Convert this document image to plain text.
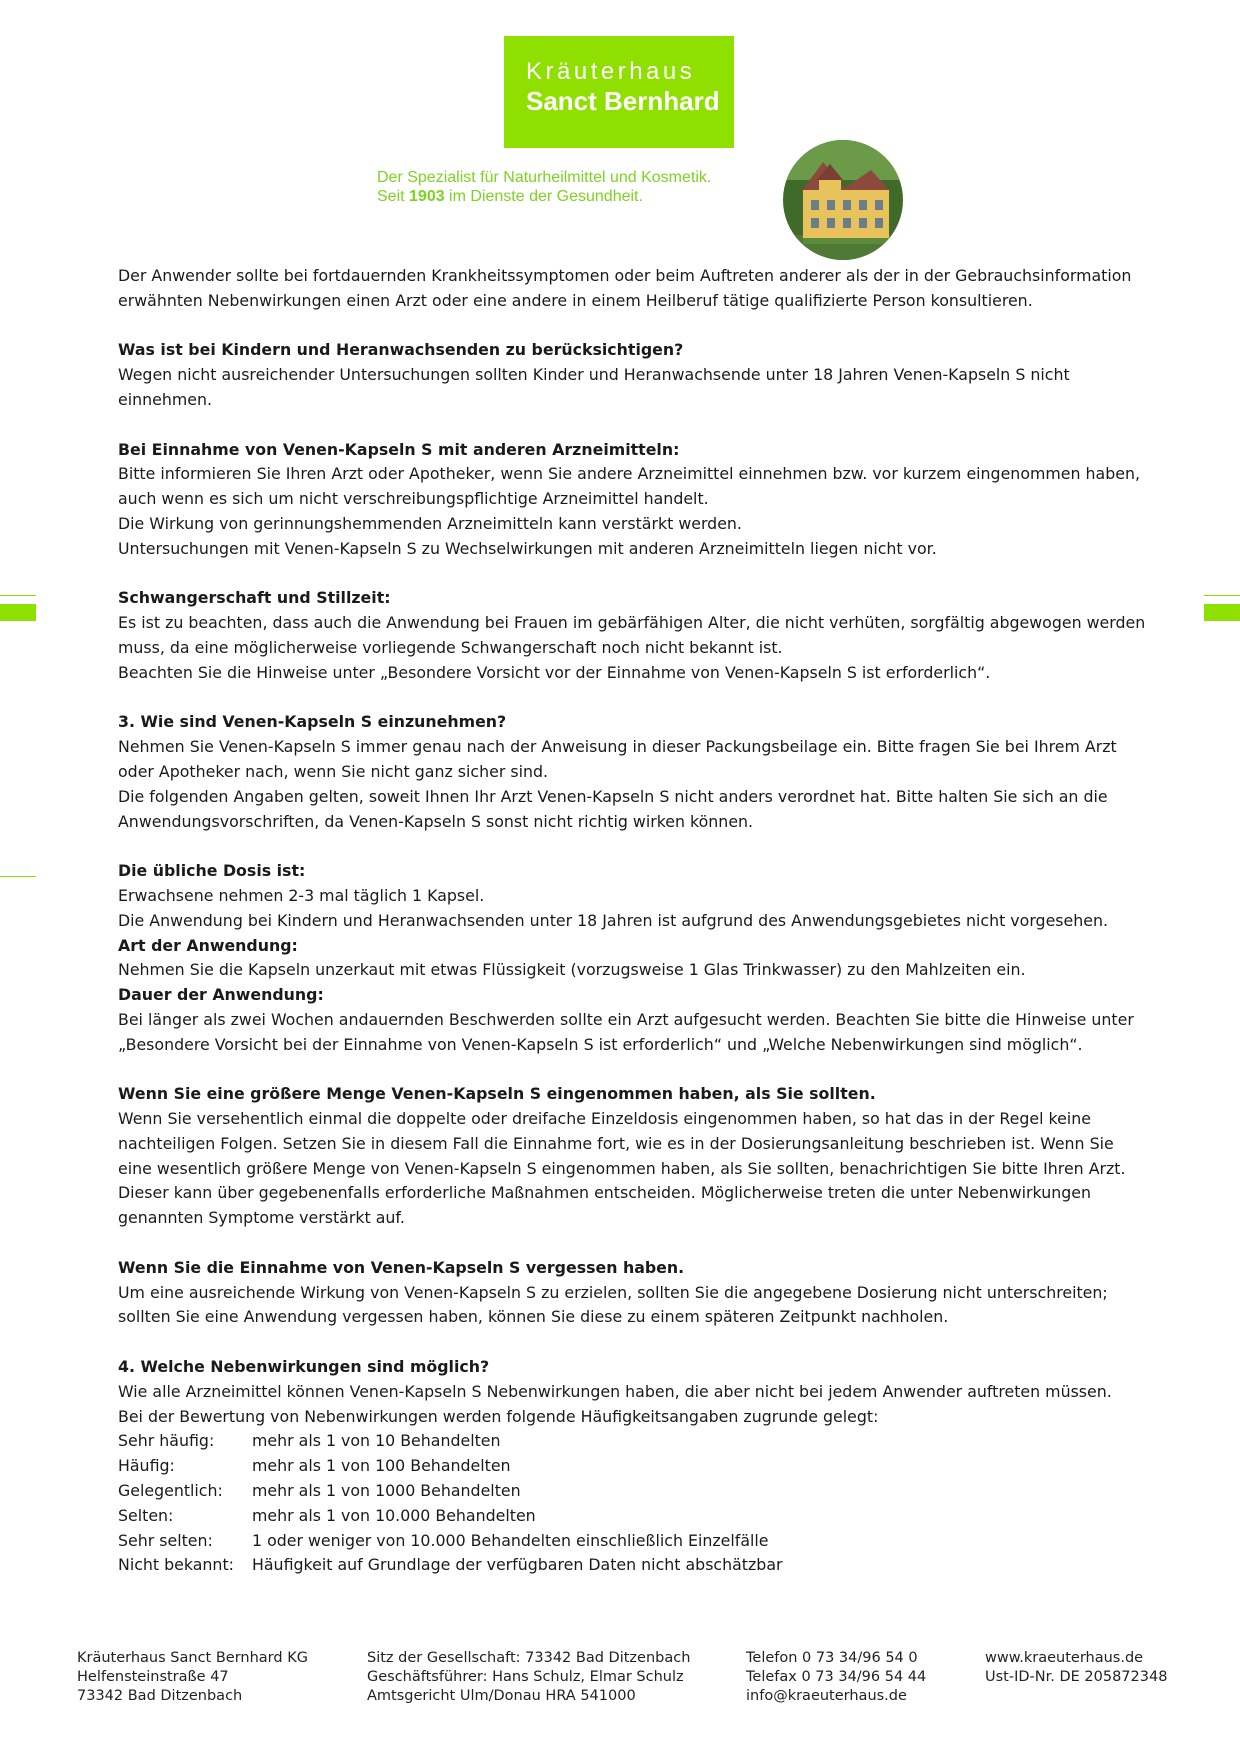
Kräuterhaus
Sanct Bernhard
Der Spezialist für Naturheilmittel und Kosmetik.
Seit 1903 im Dienste der Gesundheit.

Der Anwender sollte bei fortdauernden Krankheitssymptomen oder beim Auftreten anderer als der in der Gebrauchsinformation
erwähnten Nebenwirkungen einen Arzt oder eine andere in einem Heilberuf tätige qualifizierte Person konsultieren.

Was ist bei Kindern und Heranwachsenden zu berücksichtigen?
Wegen nicht ausreichender Untersuchungen sollten Kinder und Heranwachsende unter 18 Jahren Venen-Kapseln S nicht
einnehmen.

Bei Einnahme von Venen-Kapseln S mit anderen Arzneimitteln:
Bitte informieren Sie Ihren Arzt oder Apotheker, wenn Sie andere Arzneimittel einnehmen bzw. vor kurzem eingenommen haben,
auch wenn es sich um nicht verschreibungspflichtige Arzneimittel handelt.
Die Wirkung von gerinnungshemmenden Arzneimitteln kann verstärkt werden.
Untersuchungen mit Venen-Kapseln S zu Wechselwirkungen mit anderen Arzneimitteln liegen nicht vor.

Schwangerschaft und Stillzeit:
Es ist zu beachten, dass auch die Anwendung bei Frauen im gebärfähigen Alter, die nicht verhüten, sorgfältig abgewogen werden
muss, da eine möglicherweise vorliegende Schwangerschaft noch nicht bekannt ist.
Beachten Sie die Hinweise unter „Besondere Vorsicht vor der Einnahme von Venen-Kapseln S ist erforderlich“.

3. Wie sind Venen-Kapseln S einzunehmen?
Nehmen Sie Venen-Kapseln S immer genau nach der Anweisung in dieser Packungsbeilage ein. Bitte fragen Sie bei Ihrem Arzt
oder Apotheker nach, wenn Sie nicht ganz sicher sind.
Die folgenden Angaben gelten, soweit Ihnen Ihr Arzt Venen-Kapseln S nicht anders verordnet hat. Bitte halten Sie sich an die
Anwendungsvorschriften, da Venen-Kapseln S sonst nicht richtig wirken können.

Die übliche Dosis ist:
Erwachsene nehmen 2-3 mal täglich 1 Kapsel.
Die Anwendung bei Kindern und Heranwachsenden unter 18 Jahren ist aufgrund des Anwendungsgebietes nicht vorgesehen.
Art der Anwendung:
Nehmen Sie die Kapseln unzerkaut mit etwas Flüssigkeit (vorzugsweise 1 Glas Trinkwasser) zu den Mahlzeiten ein.
Dauer der Anwendung:
Bei länger als zwei Wochen andauernden Beschwerden sollte ein Arzt aufgesucht werden. Beachten Sie bitte die Hinweise unter
„Besondere Vorsicht bei der Einnahme von Venen-Kapseln S ist erforderlich“ und „Welche Nebenwirkungen sind möglich“.

Wenn Sie eine größere Menge Venen-Kapseln S eingenommen haben, als Sie sollten.
Wenn Sie versehentlich einmal die doppelte oder dreifache Einzeldosis eingenommen haben, so hat das in der Regel keine
nachteiligen Folgen. Setzen Sie in diesem Fall die Einnahme fort, wie es in der Dosierungsanleitung beschrieben ist. Wenn Sie
eine wesentlich größere Menge von Venen-Kapseln S eingenommen haben, als Sie sollten, benachrichtigen Sie bitte Ihren Arzt.
Dieser kann über gegebenenfalls erforderliche Maßnahmen entscheiden. Möglicherweise treten die unter Nebenwirkungen
genannten Symptome verstärkt auf.

Wenn Sie die Einnahme von Venen-Kapseln S vergessen haben.
Um eine ausreichende Wirkung von Venen-Kapseln S zu erzielen, sollten Sie die angegebene Dosierung nicht unterschreiten;
sollten Sie eine Anwendung vergessen haben, können Sie diese zu einem späteren Zeitpunkt nachholen.

4. Welche Nebenwirkungen sind möglich?
Wie alle Arzneimittel können Venen-Kapseln S Nebenwirkungen haben, die aber nicht bei jedem Anwender auftreten müssen.
Bei der Bewertung von Nebenwirkungen werden folgende Häufigkeitsangaben zugrunde gelegt:
Sehr häufig: mehr als 1 von 10 Behandelten
Häufig:	mehr als 1 von 100 Behandelten
Gelegentlich: mehr als 1 von 1000 Behandelten
Selten:	mehr als 1 von 10.000 Behandelten
Sehr selten: 1 oder weniger von 10.000 Behandelten einschließlich Einzelfälle
Nicht bekannt: Häufigkeit auf Grundlage der verfügbaren Daten nicht abschätzbar

Kräuterhaus Sanct Bernhard KG
Helfensteinstraße 47
73342 Bad Ditzenbach
Sitz der Gesellschaft: 73342 Bad Ditzenbach
Geschäftsführer: Hans Schulz, Elmar Schulz
Amtsgericht Ulm/Donau HRA 541000
Telefon 0 73 34/96 54 0
Telefax 0 73 34/96 54 44
info@kraeuterhaus.de
www.kraeuterhaus.de
Ust-ID-Nr. DE 205872348
